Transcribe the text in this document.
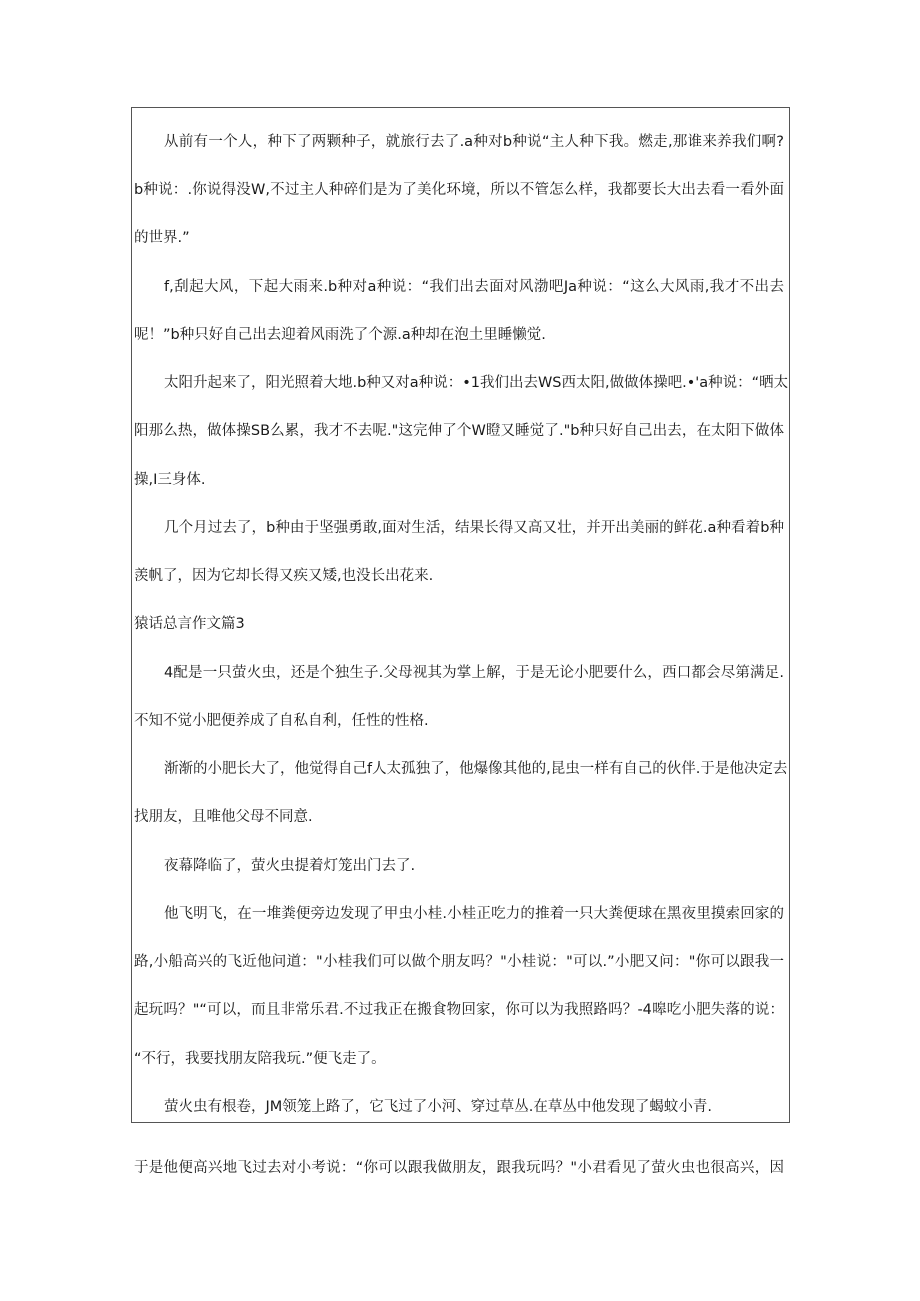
从前有一个人，种下了两颗种子，就旅行去了.a种对b种说“主人种下我。燃走,那谁来养我们啊?
b种说：.你说得没W,不过主人种碎们是为了美化环境，所以不管怎么样，我都要长大出去看一看外面
的世界.”
f,刮起大风，下起大雨来.b种对a种说：“我们出去面对风渤吧Ja种说：“这么大风雨,我才不出去
呢！”b种只好自己出去迎着风雨洗了个源.a种却在泡土里睡懒觉.
太阳升起来了，阳光照着大地.b种又对a种说：•1我们出去WS西太阳,做做体操吧.•'a种说：“晒太
阳那么热，做体操SB么累，我才不去呢."这完伸了个W瞪又睡觉了."b种只好自己出去，在太阳下做体
操,I三身体.
几个月过去了，b种由于坚强勇敢,面对生活，结果长得又高又壮，并开出美丽的鲜花.a种看着b种
羡帆了，因为它却长得又疾又矮,也没长出花来.
猿话总言作文篇3
4配是一只萤火虫，还是个独生子.父母视其为掌上解，于是无论小肥要什么，西口都会尽第满足.
不知不觉小肥便养成了自私自利，任性的性格.
渐渐的小肥长大了，他觉得自己f人太孤独了，他爆像其他的,昆虫一样有自己的伙伴.于是他决定去
找朋友，且唯他父母不同意.
夜幕降临了，萤火虫提着灯笼出门去了.
他飞明飞，在一堆粪便旁边发现了甲虫小桂.小桂正吃力的推着一只大粪便球在黑夜里摸索回家的
路,小船高兴的飞近他问道："小桂我们可以做个朋友吗？"小桂说："可以.”小肥又问："你可以跟我一
起玩吗？"“可以，而且非常乐君.不过我正在搬食物回家，你可以为我照路吗？-4嗥吃小肥失落的说：
“不行，我要找朋友陪我玩.”便飞走了。
萤火虫有根卷，JM领笼上路了，它飞过了小河、穿过草丛.在草丛中他发现了蝎蚊小青.
于是他便高兴地飞过去对小考说：“你可以跟我做朋友，跟我玩吗？"小君看见了萤火虫也很高兴，因
